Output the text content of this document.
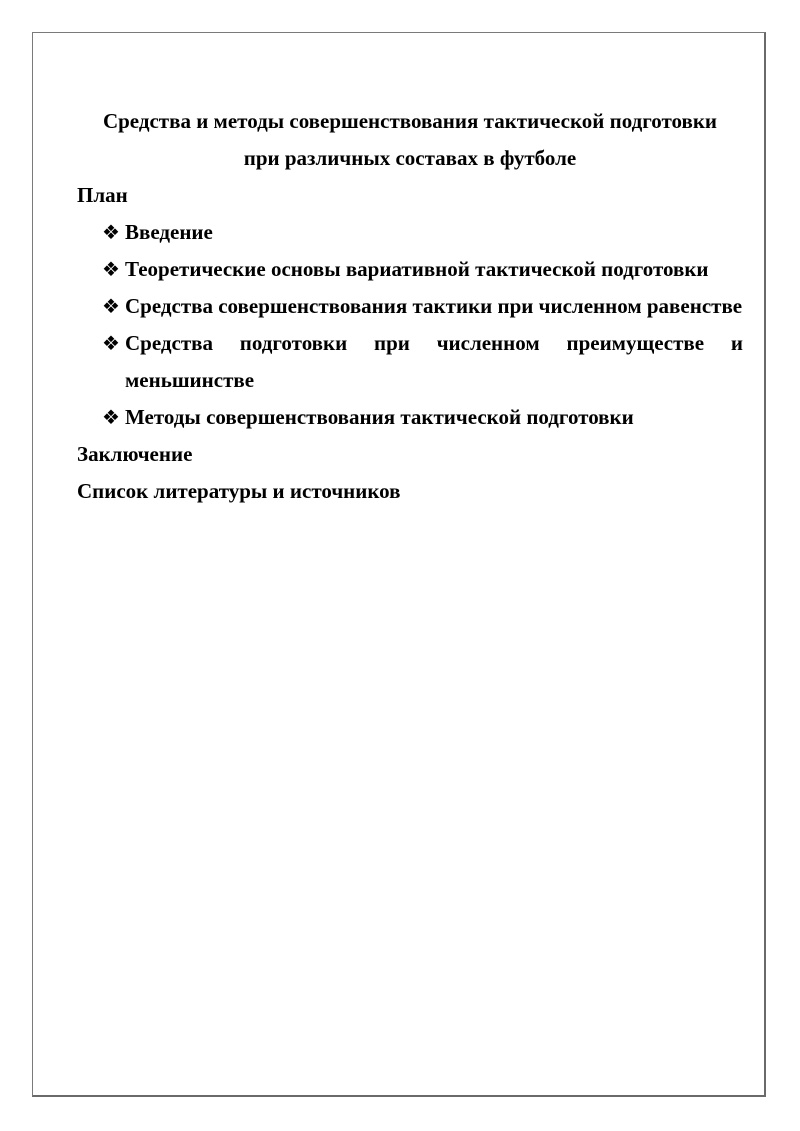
Средства и методы совершенствования тактической подготовки
при различных составах в футболе

План

❖ Введение
❖ Теоретические основы вариативной тактической подготовки
❖ Средства совершенствования тактики при численном равенстве
❖ Средства подготовки при численном преимуществе и меньшинстве
❖ Методы совершенствования тактической подготовки

Заключение

Список литературы и источников
